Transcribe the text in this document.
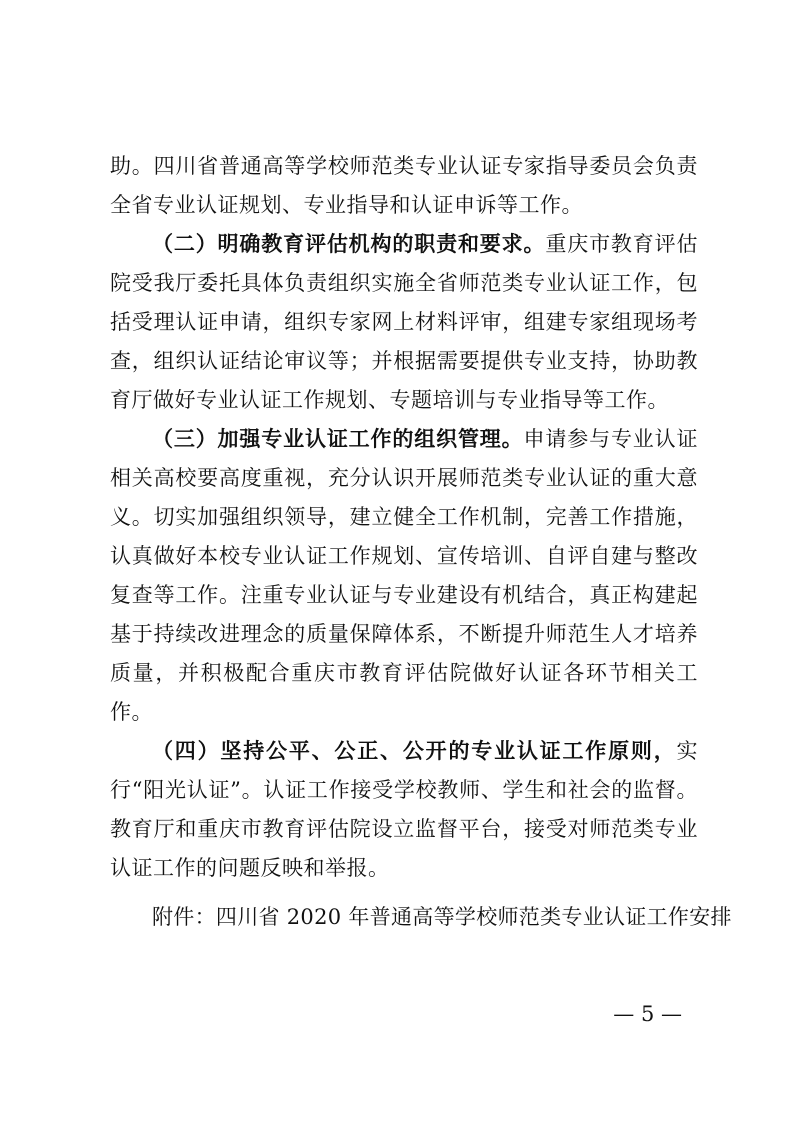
助。四川省普通高等学校师范类专业认证专家指导委员会负责全省专业认证规划、专业指导和认证申诉等工作。

（二）明确教育评估机构的职责和要求。重庆市教育评估院受我厅委托具体负责组织实施全省师范类专业认证工作，包括受理认证申请，组织专家网上材料评审，组建专家组现场考查，组织认证结论审议等；并根据需要提供专业支持，协助教育厅做好专业认证工作规划、专题培训与专业指导等工作。

（三）加强专业认证工作的组织管理。申请参与专业认证相关高校要高度重视，充分认识开展师范类专业认证的重大意义。切实加强组织领导，建立健全工作机制，完善工作措施，认真做好本校专业认证工作规划、宣传培训、自评自建与整改复查等工作。注重专业认证与专业建设有机结合，真正构建起基于持续改进理念的质量保障体系，不断提升师范生人才培养质量，并积极配合重庆市教育评估院做好认证各环节相关工作。

（四）坚持公平、公正、公开的专业认证工作原则，实行“阳光认证”。认证工作接受学校教师、学生和社会的监督。教育厅和重庆市教育评估院设立监督平台，接受对师范类专业认证工作的问题反映和举报。

附件：四川省 2020 年普通高等学校师范类专业认证工作安排

— 5 —
